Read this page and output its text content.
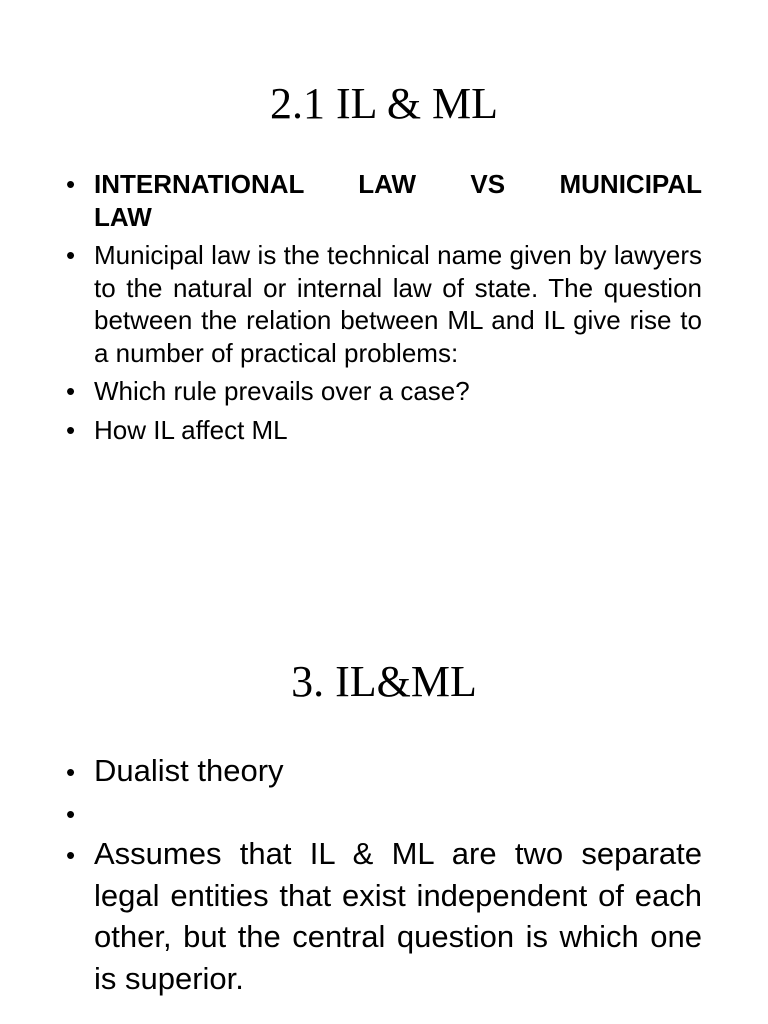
2.1 IL & ML
• INTERNATIONAL LAW VS MUNICIPAL
LAW
• Municipal law is the technical name given by lawyers to the natural or internal law of state. The question between the relation between ML and IL give rise to a number of practical problems:
• Which rule prevails over a case?
• How IL affect ML
3. IL&ML
• Dualist theory
•
• Assumes that IL & ML are two separate legal entities that exist independent of each other, but the central question is which one is superior.
